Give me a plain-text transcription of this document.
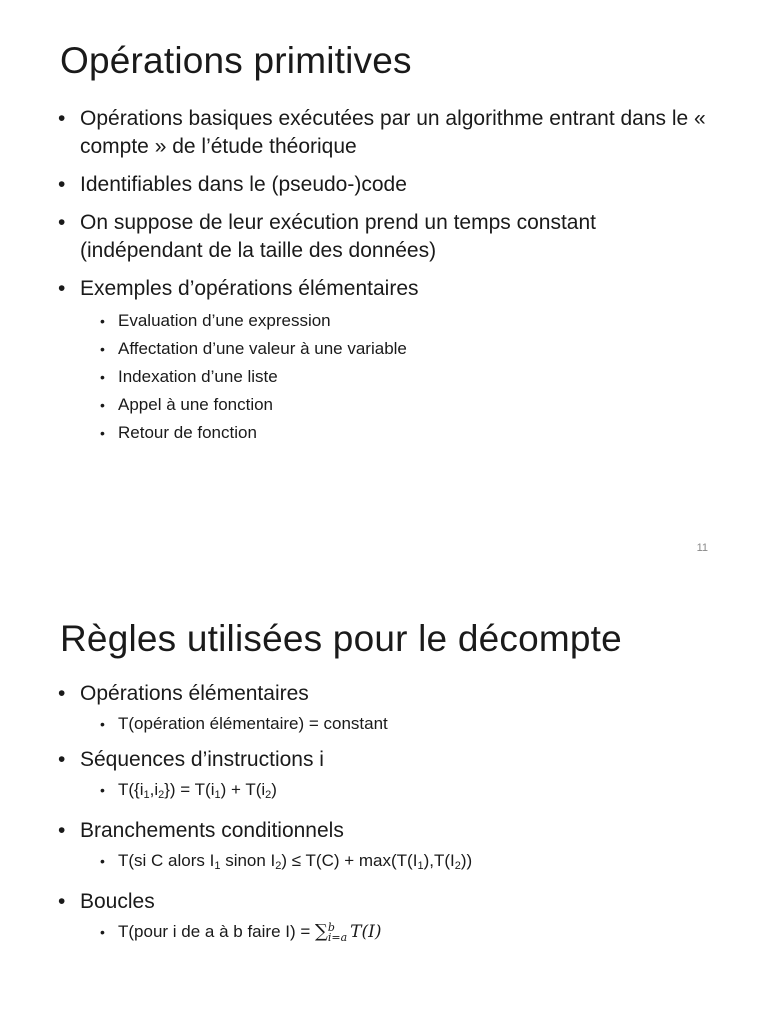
Opérations primitives
• Opérations basiques exécutées par un algorithme entrant dans le « compte » de l’étude théorique
• Identifiables dans le (pseudo-)code
• On suppose de leur exécution prend un temps constant (indépendant de la taille des données)
• Exemples d’opérations élémentaires
• Evaluation d’une expression
• Affectation d’une valeur à une variable
• Indexation d’une liste
• Appel à une fonction
• Retour de fonction
11
Règles utilisées pour le décompte
• Opérations élémentaires
• T(opération élémentaire) = constant
• Séquences d’instructions i
• $T(\{i_1,i_2\}) = T(i_1) + T(i_2)$
• Branchements conditionnels
• T(si C alors $I_1$ sinon $I_2) \le T(C) + \max(T(I_1),T(I_2))$
• Boucles
• T(pour i de a à b faire I) = ∑ b
i=a T(I)
